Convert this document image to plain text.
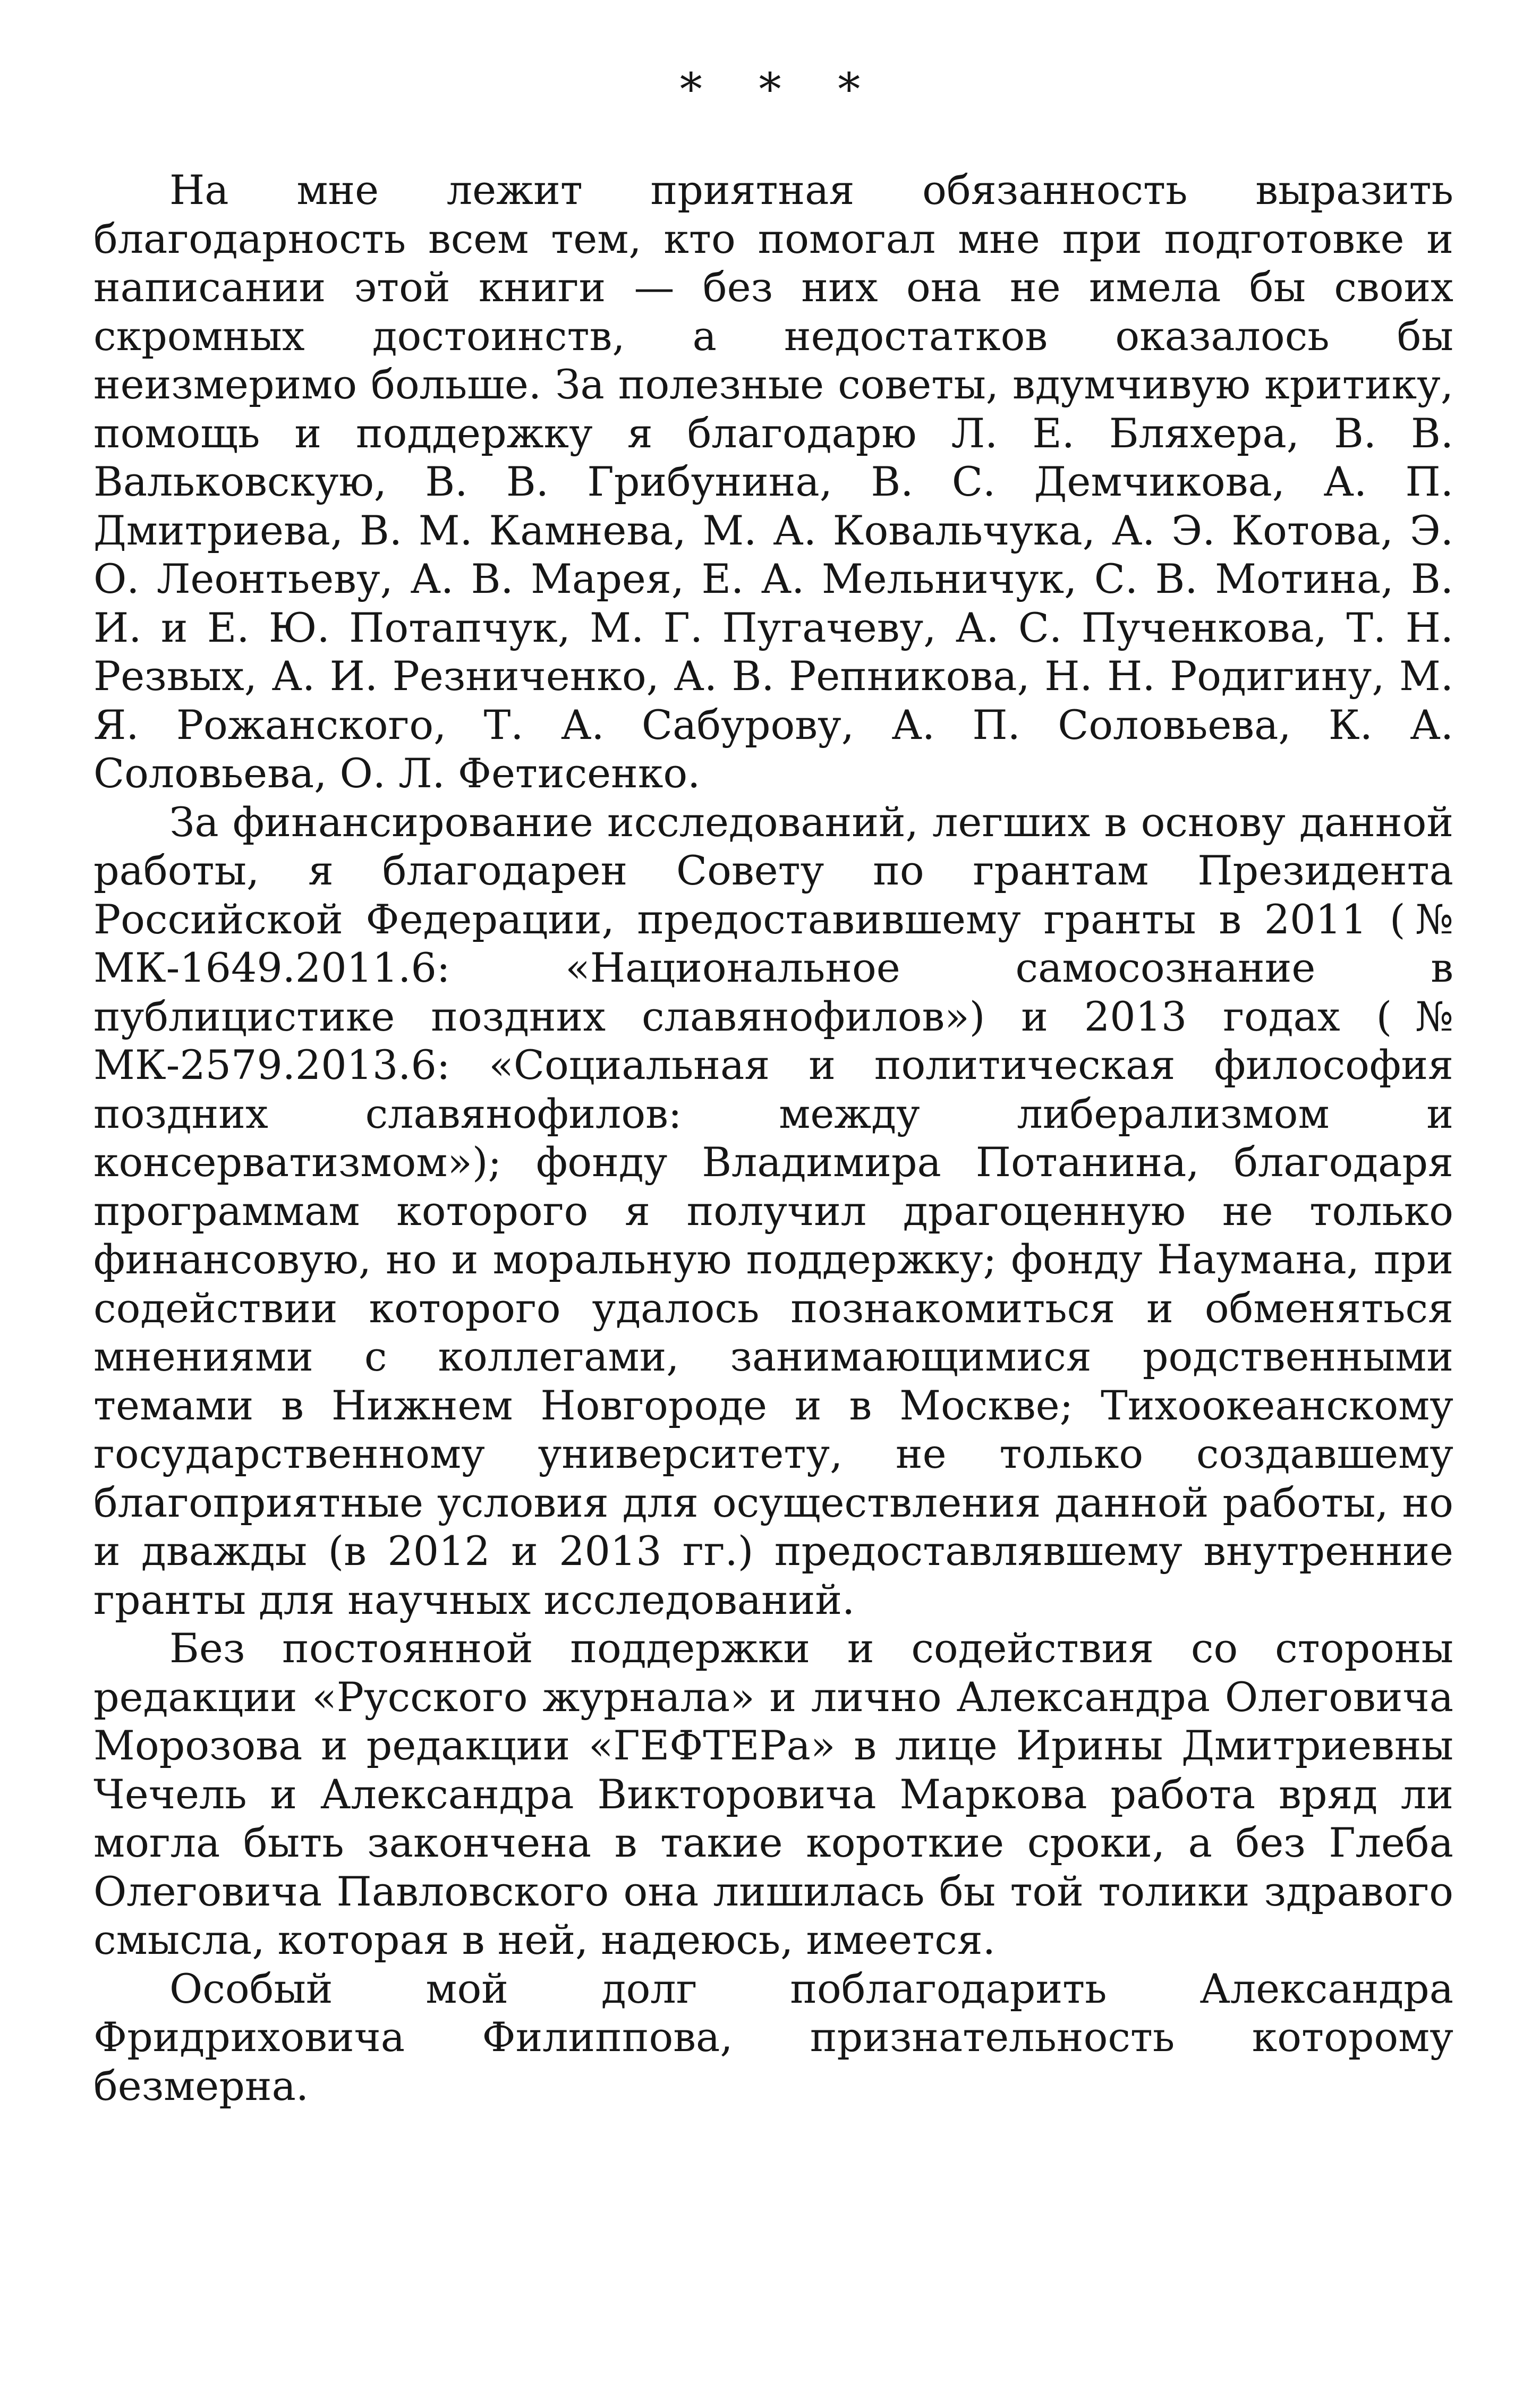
* * *

На мне лежит приятная обязанность выразить благодарность всем тем, кто помогал мне при подготовке и написании этой книги — без них она не имела бы своих скромных достоинств, а недостатков оказалось бы неизмеримо больше. За полезные советы, вдумчивую критику, помощь и поддержку я благодарю Л. Е. Бляхера, В. В. Вальковскую, В. В. Грибунина, В. С. Демчикова, А. П. Дмитриева, В. М. Камнева, М. А. Ковальчука, А. Э. Котова, Э. О. Леонтьеву, А. В. Марея, Е. А. Мельничук, С. В. Мотина, В. И. и Е. Ю. Потапчук, М. Г. Пугачеву, А. С. Пученкова, Т. Н. Резвых, А. И. Резниченко, А. В. Репникова, Н. Н. Родигину, М. Я. Рожанского, Т. А. Сабурову, А. П. Соловьева, К. А. Соловьева, О. Л. Фетисенко.

За финансирование исследований, легших в основу данной работы, я благодарен Совету по грантам Президента Российской Федерации, предоставившему гранты в 2011 (№ МК-1649.2011.6: «Национальное самосознание в публицистике поздних славянофилов») и 2013 годах (№ МК-2579.2013.6: «Социальная и политическая философия поздних славянофилов: между либерализмом и консерватизмом»); фонду Владимира Потанина, благодаря программам которого я получил драгоценную не только финансовую, но и моральную поддержку; фонду Наумана, при содействии которого удалось познакомиться и обменяться мнениями с коллегами, занимающимися родственными темами в Нижнем Новгороде и в Москве; Тихоокеанскому государственному университету, не только создавшему благоприятные условия для осуществления данной работы, но и дважды (в 2012 и 2013 гг.) предоставлявшему внутренние гранты для научных исследований.

Без постоянной поддержки и содействия со стороны редакции «Русского журнала» и лично Александра Олеговича Морозова и редакции «ГЕФТЕРа» в лице Ирины Дмитриевны Чечель и Александра Викторовича Маркова работа вряд ли могла быть закончена в такие короткие сроки, а без Глеба Олеговича Павловского она лишилась бы той толики здравого смысла, которая в ней, надеюсь, имеется.

Особый мой долг поблагодарить Александра Фридриховича Филиппова, признательность которому безмерна.
